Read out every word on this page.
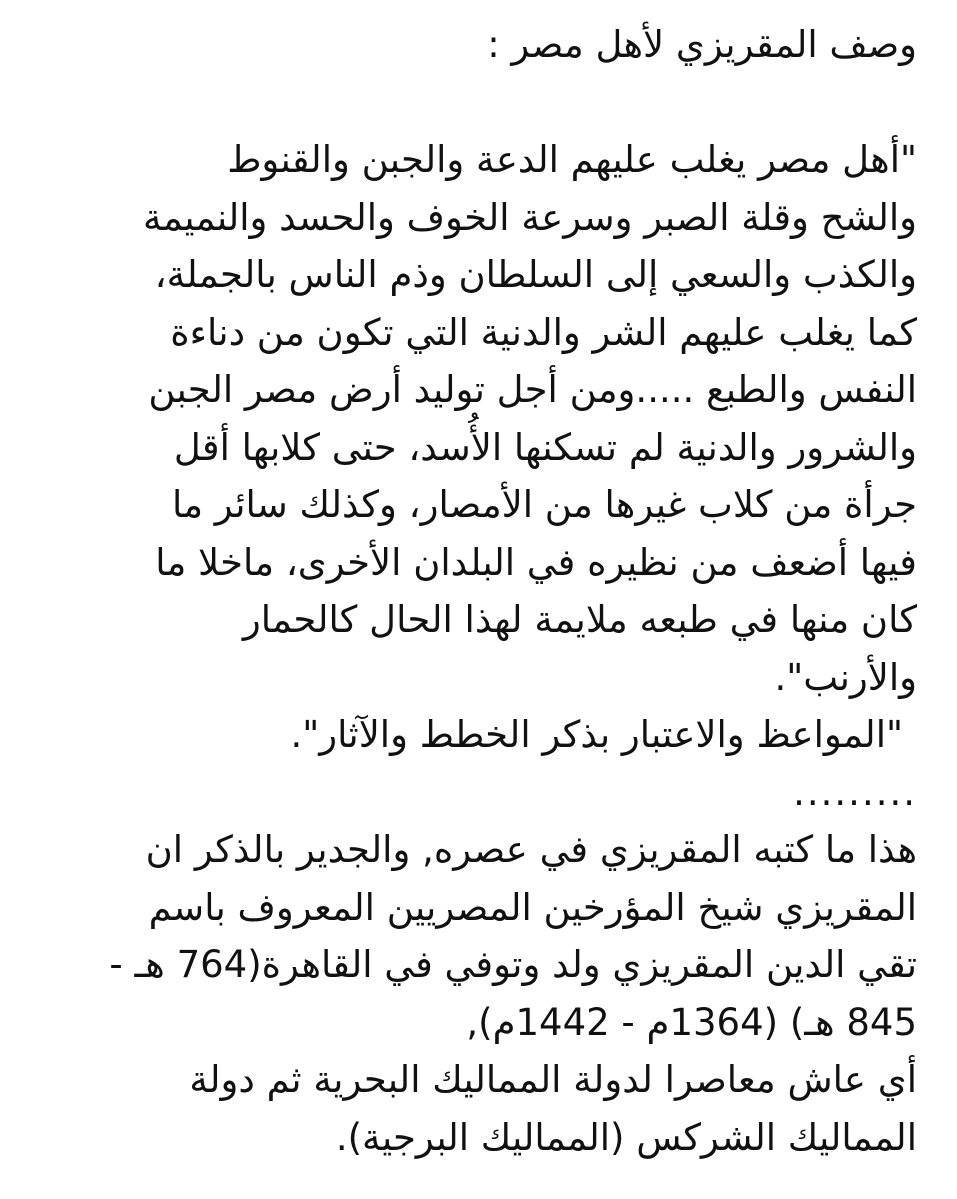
وصف المقريزي لأهل مصر :
"أهل مصر يغلب عليهم الدعة والجبن والقنوط
والشح وقلة الصبر وسرعة الخوف والحسد والنميمة
والكذب والسعي إلى السلطان وذم الناس بالجملة،
كما يغلب عليهم الشر والدنية التي تكون من دناءة
النفس والطبع .....ومن أجل توليد أرض مصر الجبن
والشرور والدنية لم تسكنها الأُسد، حتى كلابها أقل
جرأة من كلاب غيرها من الأمصار، وكذلك سائر ما
فيها أضعف من نظيره في البلدان الأخرى، ماخلا ما
كان منها في طبعه ملايمة لهذا الحال كالحمار
والأرنب".
"المواعظ والاعتبار بذكر الخطط والآثار".
.........
هذا ما كتبه المقريزي في عصره, والجدير بالذكر ان
المقريزي شيخ المؤرخين المصريين المعروف باسم
تقي الدين المقريزي ولد وتوفي في القاهرة(764 هـ -
845 هـ) (1364م - 1442م),
أي عاش معاصرا لدولة المماليك البحرية ثم دولة
المماليك الشركس (المماليك البرجية).
